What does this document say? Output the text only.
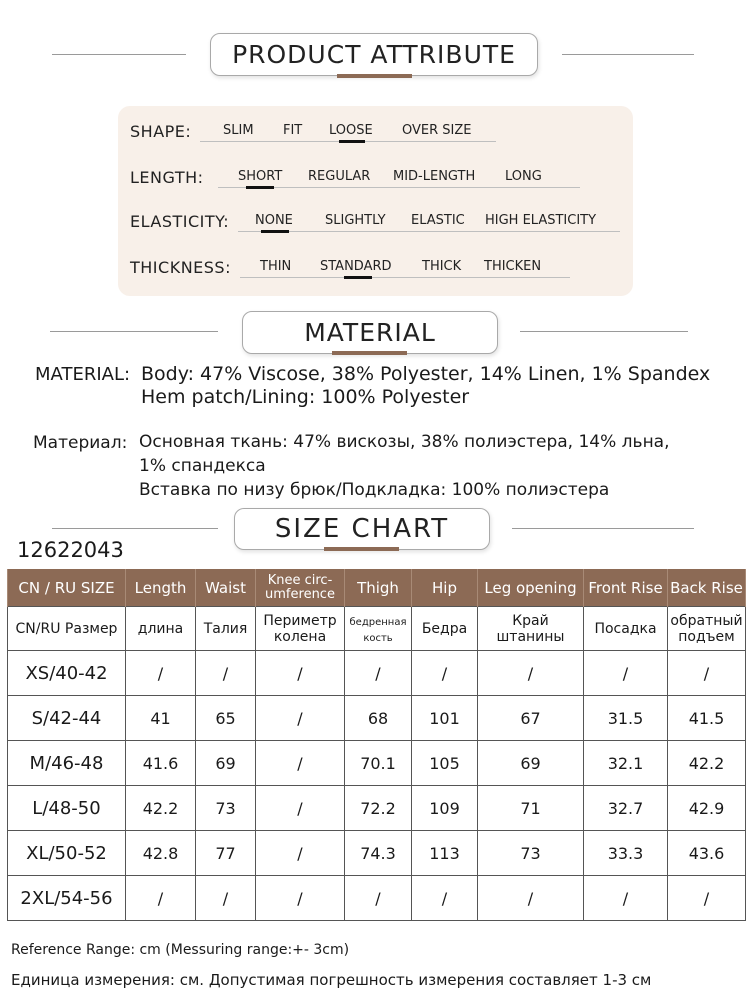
PRODUCT ATTRIBUTE
SHAPE: SLIM FIT LOOSE OVER SIZE
LENGTH:	SHORT REGULAR MID-LENGTH LONG
ELASTICITY: NONE SLIGHTLY ELASTIC HIGH ELASTICITY
THICKNESS: THIN STANDARD THICK THICKEN
MATERIAL
MATERIAL: Body: 47% Viscose, 38% Polyester, 14% Linen, 1% Spandex
Hem patch/Lining: 100% Polyester
Материал: Основная ткань: 47% вискозы, 38% полиэстера, 14% льна,
1% спандекса
Вставка по низу брюк/Подкладка: 100% полиэстера
SIZE CHART
12622043
CN / RU SIZE	Length	Waist	Knee circ- umference	Thigh	Hip	Leg opening	Front Rise	Back Rise
CN/RU Размер	длина	Талия	Периметр колена	бедренная кость	Бедра	Край штанины	Посадка	обратный подъем
XS/40-42	/	/	/	/	/	/	/	/
S/42-44	41	65	/	68	101	67	31.5	41.5
M/46-48	41.6	69	/	70.1	105	69	32.1	42.2
L/48-50	42.2	73	/	72.2	109	71	32.7	42.9
XL/50-52	42.8	77	/	74.3	113	73	33.3	43.6
2XL/54-56	/	/	/	/	/	/	/	/
Reference Range: cm (Messuring range:+- 3cm)
Единица измерения: см. Допустимая погрешность измерения составляет 1-3 см
